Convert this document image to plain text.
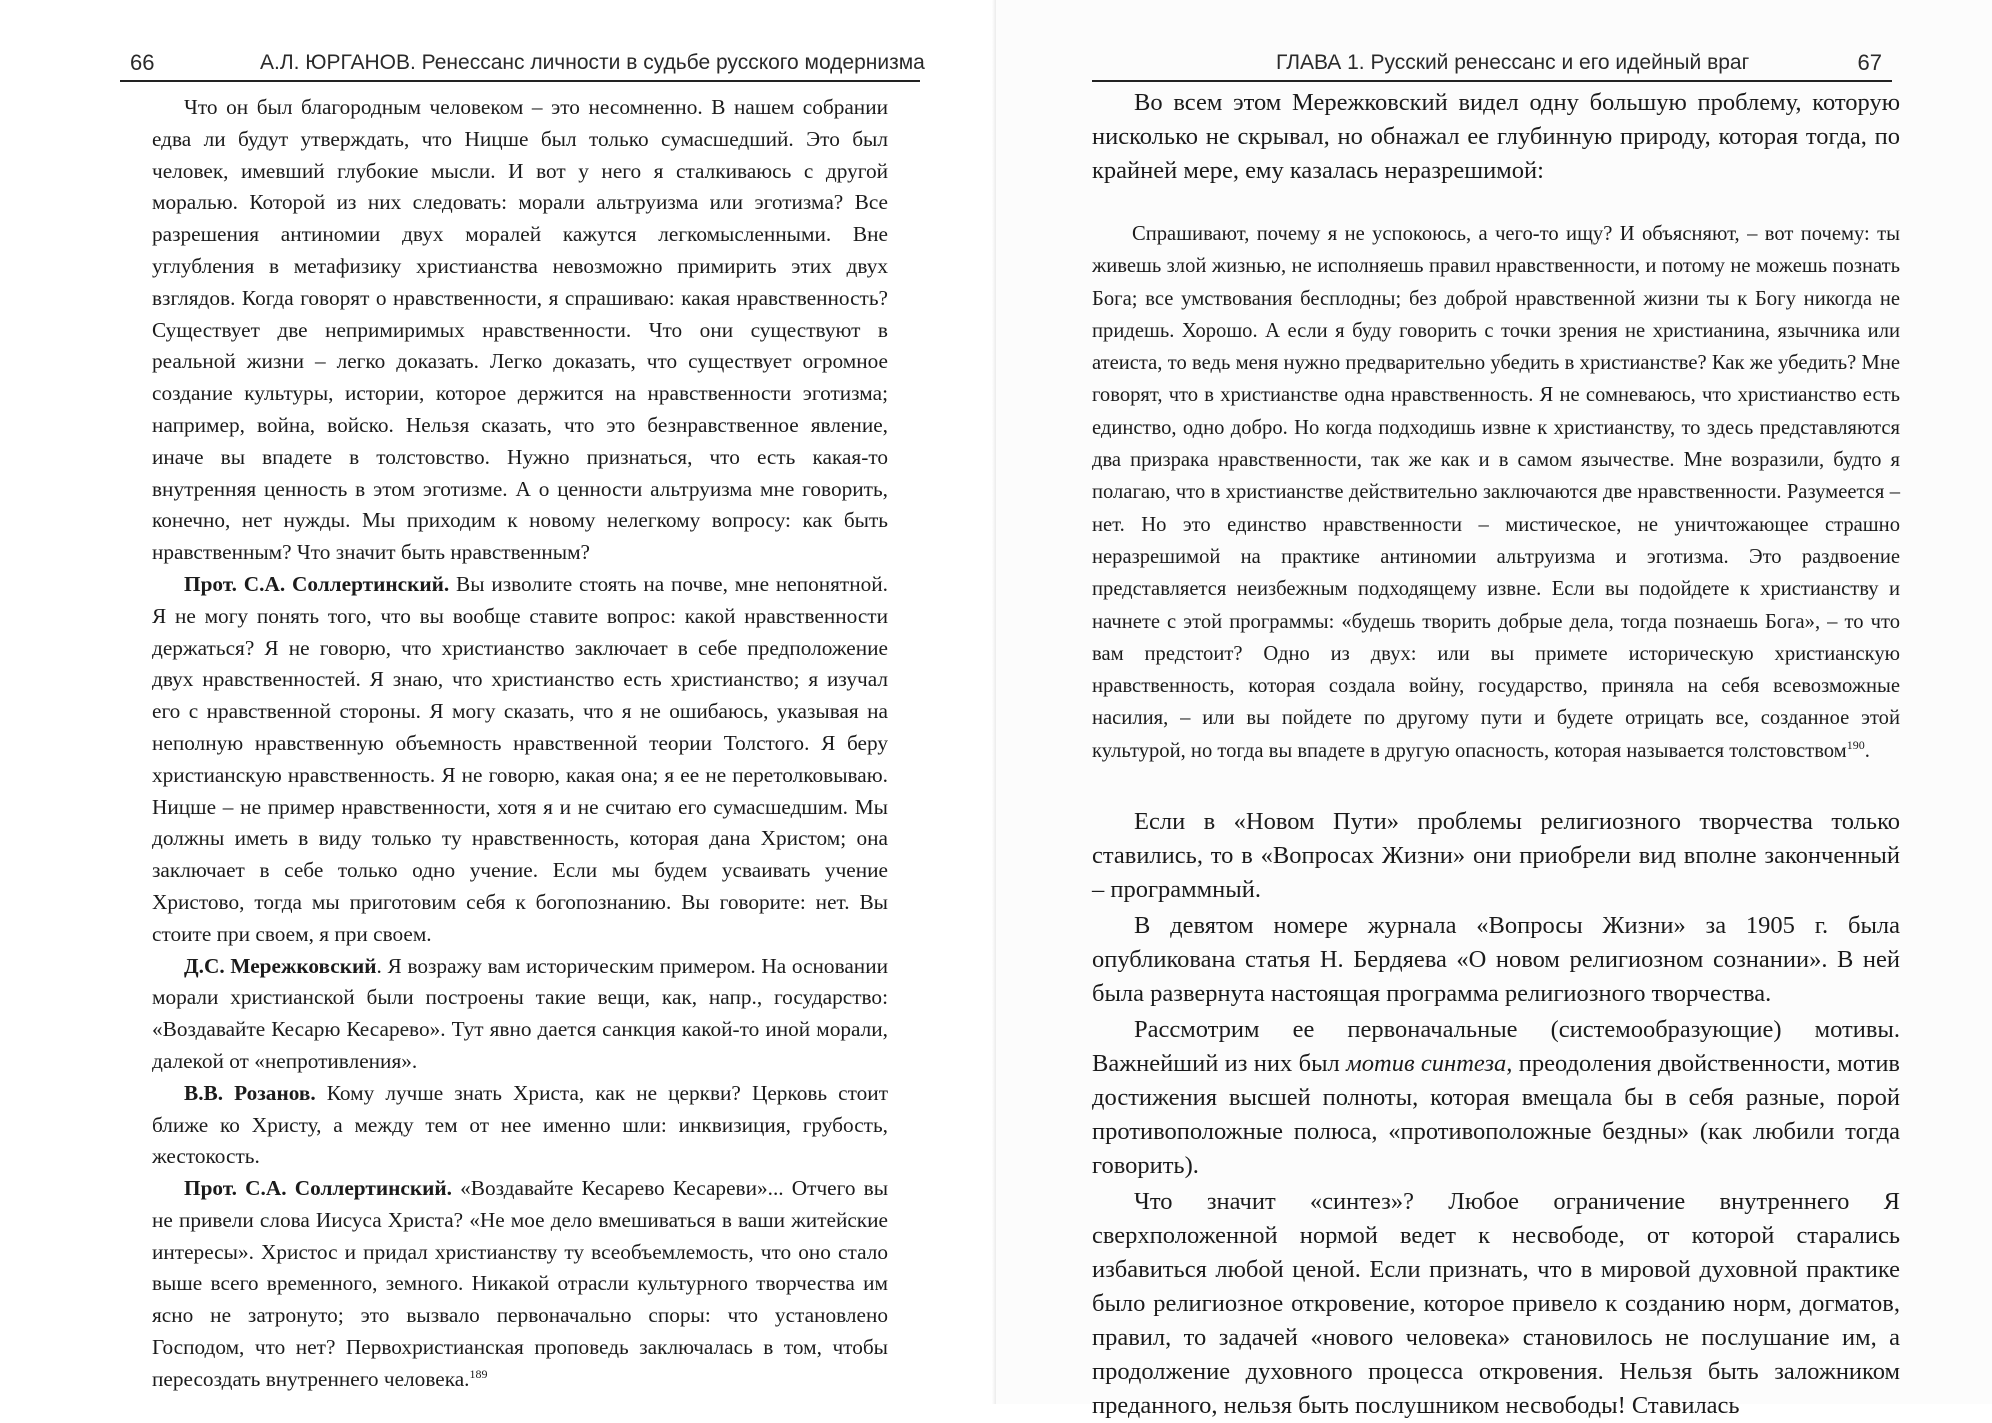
66	А.Л. ЮРГАНОВ. Ренессанс личности в судьбе русского модернизма

Что он был благородным человеком – это несомненно. В нашем собрании едва ли будут утверждать, что Ницше был только сумасшедший. Это был человек, имевший глубокие мысли. И вот у него я сталкиваюсь с другой моралью. Которой из них следовать: морали альтруизма или эготизма? Все разрешения антиномии двух моралей кажутся легкомысленными. Вне углубления в метафизику христианства невозможно примирить этих двух взглядов. Когда говорят о нравственности, я спрашиваю: какая нравственность? Существует две непримиримых нравственности. Что они существуют в реальной жизни – легко доказать. Легко доказать, что существует огромное создание культуры, истории, которое держится на нравственности эготизма; например, война, войско. Нельзя сказать, что это безнравственное явление, иначе вы впадете в толстовство. Нужно признаться, что есть какая-то внутренняя ценность в этом эготизме. А о ценности альтруизма мне говорить, конечно, нет нужды. Мы приходим к новому нелегкому вопросу: как быть нравственным? Что значит быть нравственным?

Прот. С.А. Соллертинский. Вы изволите стоять на почве, мне непонятной. Я не могу понять того, что вы вообще ставите вопрос: какой нравственности держаться? Я не говорю, что христианство заключает в себе предположение двух нравственностей. Я знаю, что христианство есть христианство; я изучал его с нравственной стороны. Я могу сказать, что я не ошибаюсь, указывая на неполную нравственную объемность нравственной теории Толстого. Я беру христианскую нравственность. Я не говорю, какая она; я ее не перетолковываю. Ницше – не пример нравственности, хотя я и не считаю его сумасшедшим. Мы должны иметь в виду только ту нравственность, которая дана Христом; она заключает в себе только одно учение. Если мы будем усваивать учение Христово, тогда мы приготовим себя к богопознанию. Вы говорите: нет. Вы стоите при своем, я при своем.

Д.С. Мережковский. Я возражу вам историческим примером. На основании морали христианской были построены такие вещи, как, напр., государство: «Воздавайте Кесарю Кесарево». Тут явно дается санкция какой-то иной морали, далекой от «непротивления».

В.В. Розанов. Кому лучше знать Христа, как не церкви? Церковь стоит ближе ко Христу, а между тем от нее именно шли: инквизиция, грубость, жестокость.

Прот. С.А. Соллертинский. «Воздавайте Кесарево Кесареви»... Отчего вы не привели слова Иисуса Христа? «Не мое дело вмешиваться в ваши житейские интересы». Христос и придал христианству ту всеобъемлемость, что оно стало выше всего временного, земного. Никакой отрасли культурного творчества им ясно не затронуто; это вызвало первоначально споры: что установлено Господом, что нет? Первохристианская проповедь заключалась в том, чтобы пересоздать внутреннего человека.$^{189}$

Во всем этом Мережковский видел одну большую проблему, которую нисколько не скрывал, но обнажал ее глубинную природу, которая тогда, по крайней мере, ему казалась неразрешимой:

Спрашивают, почему я не успокоюсь, а чего-то ищу? И объясняют, – вот почему: ты живешь злой жизнью, не исполняешь правил нравственности, и потому не можешь познать Бога; все умствования бесплодны; без доброй нравственной жизни ты к Богу никогда не придешь. Хорошо. А если я буду говорить с точки зрения не христианина, язычника или атеиста, то ведь меня нужно предварительно убедить в христианстве? Как же убедить? Мне говорят, что в христианстве одна нравственность. Я не сомневаюсь, что христианство есть единство, одно добро. Но когда подходишь извне к христианству, то здесь представляются два призрака нравственности, так же как и в самом язычестве. Мне возразили, будто я полагаю, что в христианстве действительно заключаются две нравственности. Разумеется – нет. Но это единство нравственности – мистическое, не уничтожающее страшно неразрешимой на практике антиномии альтруизма и эготизма. Это раздвоение представляется неизбежным подходящему извне. Если вы подойдете к христианству и начнете с этой программы: «будешь творить добрые дела, тогда познаешь Бога», – то что вам предстоит? Одно из двух: или вы примете историческую христианскую нравственность, которая создала войну, государство, приняла на себя всевозможные насилия, – или вы пойдете по другому пути и будете отрицать все, созданное этой культурой, но тогда вы впадете в другую опасность, которая называется толстовством$^{190}$.

Если в «Новом Пути» проблемы религиозного творчества только ставились, то в «Вопросах Жизни» они приобрели вид вполне законченный – программный.

В девятом номере журнала «Вопросы Жизни» за 1905 г. была опубликована статья Н. Бердяева «О новом религиозном сознании». В ней была развернута настоящая программа религиозного творчества.

Рассмотрим ее первоначальные (системообразующие) мотивы. Важнейший из них был мотив синтеза, преодоления двойственности, мотив достижения высшей полноты, которая вмещала бы в себя разные, порой противоположные полюса, «противоположные бездны» (как любили тогда говорить).

Что значит «синтез»? Любое ограничение внутреннего Я сверхположенной нормой ведет к несвободе, от которой старались избавиться любой ценой. Если признать, что в мировой духовной практике было религиозное откровение, которое привело к созданию норм, догматов, правил, то задачей «нового человека» становилось не послушание им, а продолжение духовного процесса откровения. Нельзя быть заложником преданного, нельзя быть послушником несвободы! Ставилась

ГЛАВА 1. Русский ренессанс и его идейный враг	67
